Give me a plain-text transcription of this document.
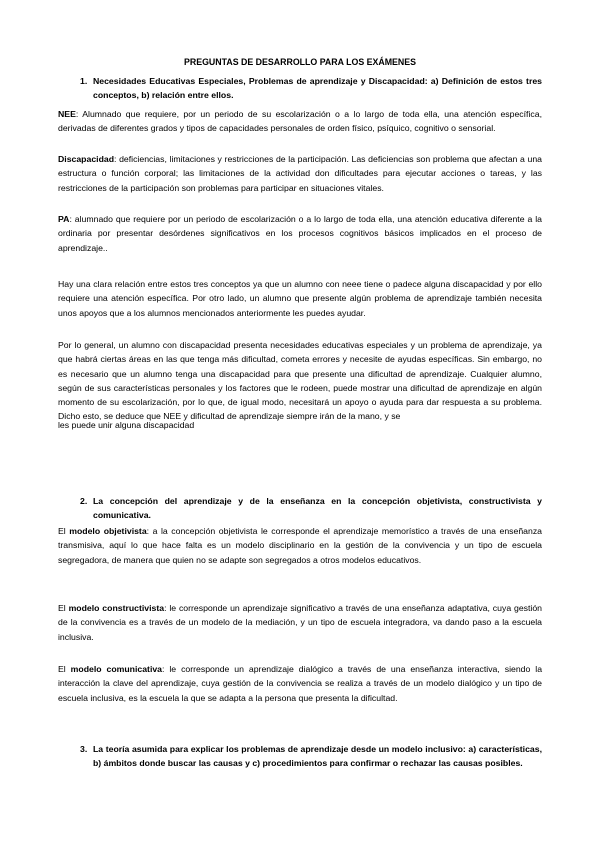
PREGUNTAS DE DESARROLLO PARA LOS EXÁMENES
1. Necesidades Educativas Especiales, Problemas de aprendizaje y Discapacidad: a) Definición de estos tres conceptos, b) relación entre ellos.

NEE: Alumnado que requiere, por un periodo de su escolarización o a lo largo de toda ella, una atención específica, derivadas de diferentes grados y tipos de capacidades personales de orden físico, psíquico, cognitivo o sensorial.

Discapacidad: deficiencias, limitaciones y restricciones de la participación. Las deficiencias son problema que afectan a una estructura o función corporal; las limitaciones de la actividad don dificultades para ejecutar acciones o tareas, y las restricciones de la participación son problemas para participar en situaciones vitales.

PA: alumnado que requiere por un periodo de escolarización o a lo largo de toda ella, una atención educativa diferente a la ordinaria por presentar desórdenes significativos en los procesos cognitivos básicos implicados en el proceso de aprendizaje..

Hay una clara relación entre estos tres conceptos ya que un alumno con neee tiene o padece alguna discapacidad y por ello requiere una atención específica. Por otro lado, un alumno que presente algún problema de aprendizaje también necesita unos apoyos que a los alumnos mencionados anteriormente les puedes ayudar.
Por lo general, un alumno con discapacidad presenta necesidades educativas especiales y un problema de aprendizaje, ya que habrá ciertas áreas en las que tenga más dificultad, cometa errores y necesite de ayudas específicas. Sin embargo, no es necesario que un alumno tenga una discapacidad para que presente una dificultad de aprendizaje. Cualquier alumno, según de sus características personales y los factores que le rodeen, puede mostrar una dificultad de aprendizaje en algún momento de su escolarización, por lo que, de igual modo, necesitará un apoyo o ayuda para dar respuesta a su problema. Dicho esto, se deduce que NEE y dificultad de aprendizaje siempre irán de la mano, y se
les puede unir alguna discapacidad
2. La concepción del aprendizaje y de la enseñanza en la concepción objetivista, constructivista y comunicativa.

El modelo objetivista: a la concepción objetivista le corresponde el aprendizaje memorístico a través de una enseñanza transmisiva, aquí lo que hace falta es un modelo disciplinario en la gestión de la convivencia y un tipo de escuela segregadora, de manera que quien no se adapte son segregados a otros modelos educativos.

El modelo constructivista: le corresponde un aprendizaje significativo a través de una enseñanza adaptativa, cuya gestión de la convivencia es a través de un modelo de la mediación, y un tipo de escuela integradora, va dando paso a la escuela inclusiva.

El modelo comunicativa: le corresponde un aprendizaje dialógico a través de una enseñanza interactiva, siendo la interacción la clave del aprendizaje, cuya gestión de la convivencia se realiza a través de un modelo dialógico y un tipo de escuela inclusiva, es la escuela la que se adapta a la persona que presenta la dificultad.

3. La teoría asumida para explicar los problemas de aprendizaje desde un modelo inclusivo: a) características, b) ámbitos donde buscar las causas y c) procedimientos para confirmar o rechazar las causas posibles.
